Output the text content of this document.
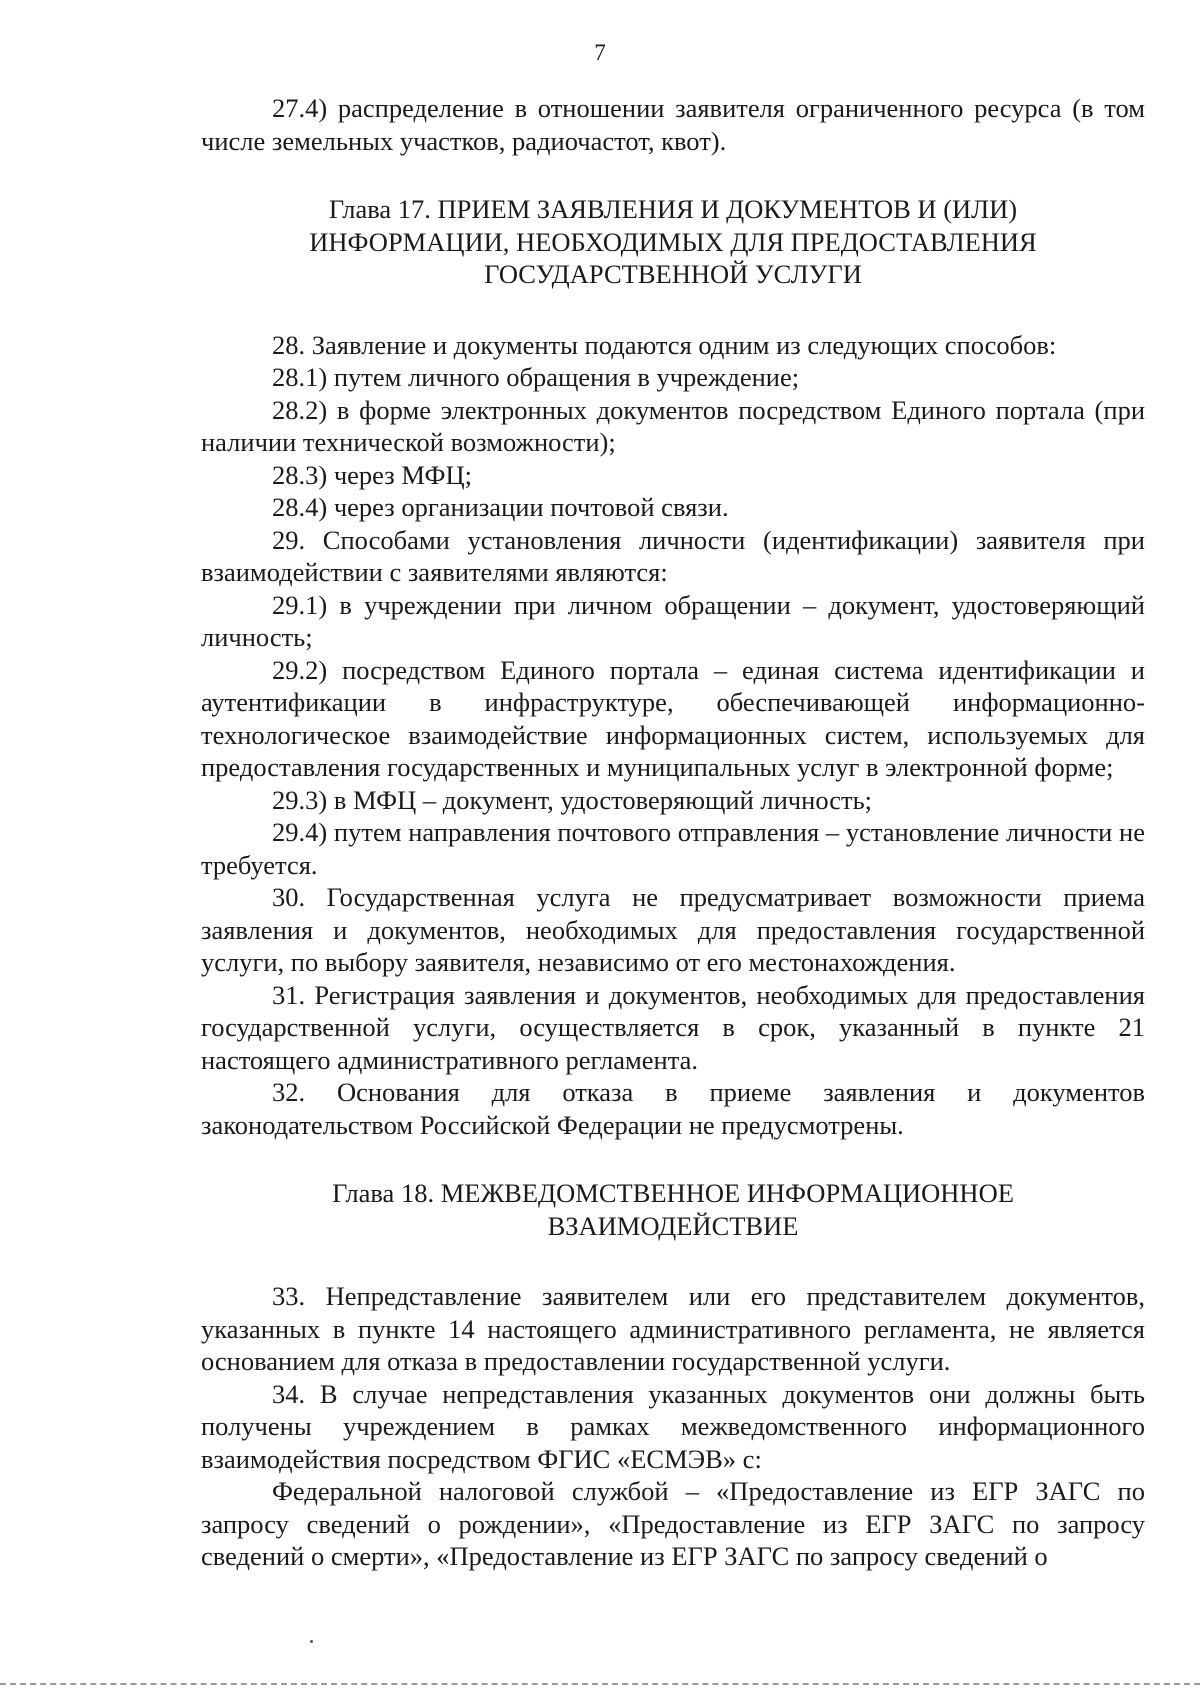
7

27.4) распределение в отношении заявителя ограниченного ресурса (в том числе земельных участков, радиочастот, квот).

Глава 17. ПРИЕМ ЗАЯВЛЕНИЯ И ДОКУМЕНТОВ И (ИЛИ)
ИНФОРМАЦИИ, НЕОБХОДИМЫХ ДЛЯ ПРЕДОСТАВЛЕНИЯ
ГОСУДАРСТВЕННОЙ УСЛУГИ

28. Заявление и документы подаются одним из следующих способов:

28.1) путем личного обращения в учреждение;

28.2) в форме электронных документов посредством Единого портала (при наличии технической возможности);

28.3) через МФЦ;

28.4) через организации почтовой связи.

29. Способами установления личности (идентификации) заявителя при взаимодействии с заявителями являются:

29.1) в учреждении при личном обращении – документ, удостоверяющий личность;

29.2) посредством Единого портала – единая система идентификации и аутентификации в инфраструктуре, обеспечивающей информационно-технологическое взаимодействие информационных систем, используемых для предоставления государственных и муниципальных услуг в электронной форме;

29.3) в МФЦ – документ, удостоверяющий личность;

29.4) путем направления почтового отправления – установление личности не требуется.

30. Государственная услуга не предусматривает возможности приема заявления и документов, необходимых для предоставления государственной услуги, по выбору заявителя, независимо от его местонахождения.

31. Регистрация заявления и документов, необходимых для предоставления государственной услуги, осуществляется в срок, указанный в пункте 21 настоящего административного регламента.

32. Основания для отказа в приеме заявления и документов законодательством Российской Федерации не предусмотрены.

Глава 18. МЕЖВЕДОМСТВЕННОЕ ИНФОРМАЦИОННОЕ
ВЗАИМОДЕЙСТВИЕ

33. Непредставление заявителем или его представителем документов, указанных в пункте 14 настоящего административного регламента, не является основанием для отказа в предоставлении государственной услуги.

34. В случае непредставления указанных документов они должны быть получены учреждением в рамках межведомственного информационного взаимодействия посредством ФГИС «ЕСМЭВ» с:

Федеральной налоговой службой – «Предоставление из ЕГР ЗАГС по запросу сведений о рождении», «Предоставление из ЕГР ЗАГС по запросу сведений о смерти», «Предоставление из ЕГР ЗАГС по запросу сведений о
